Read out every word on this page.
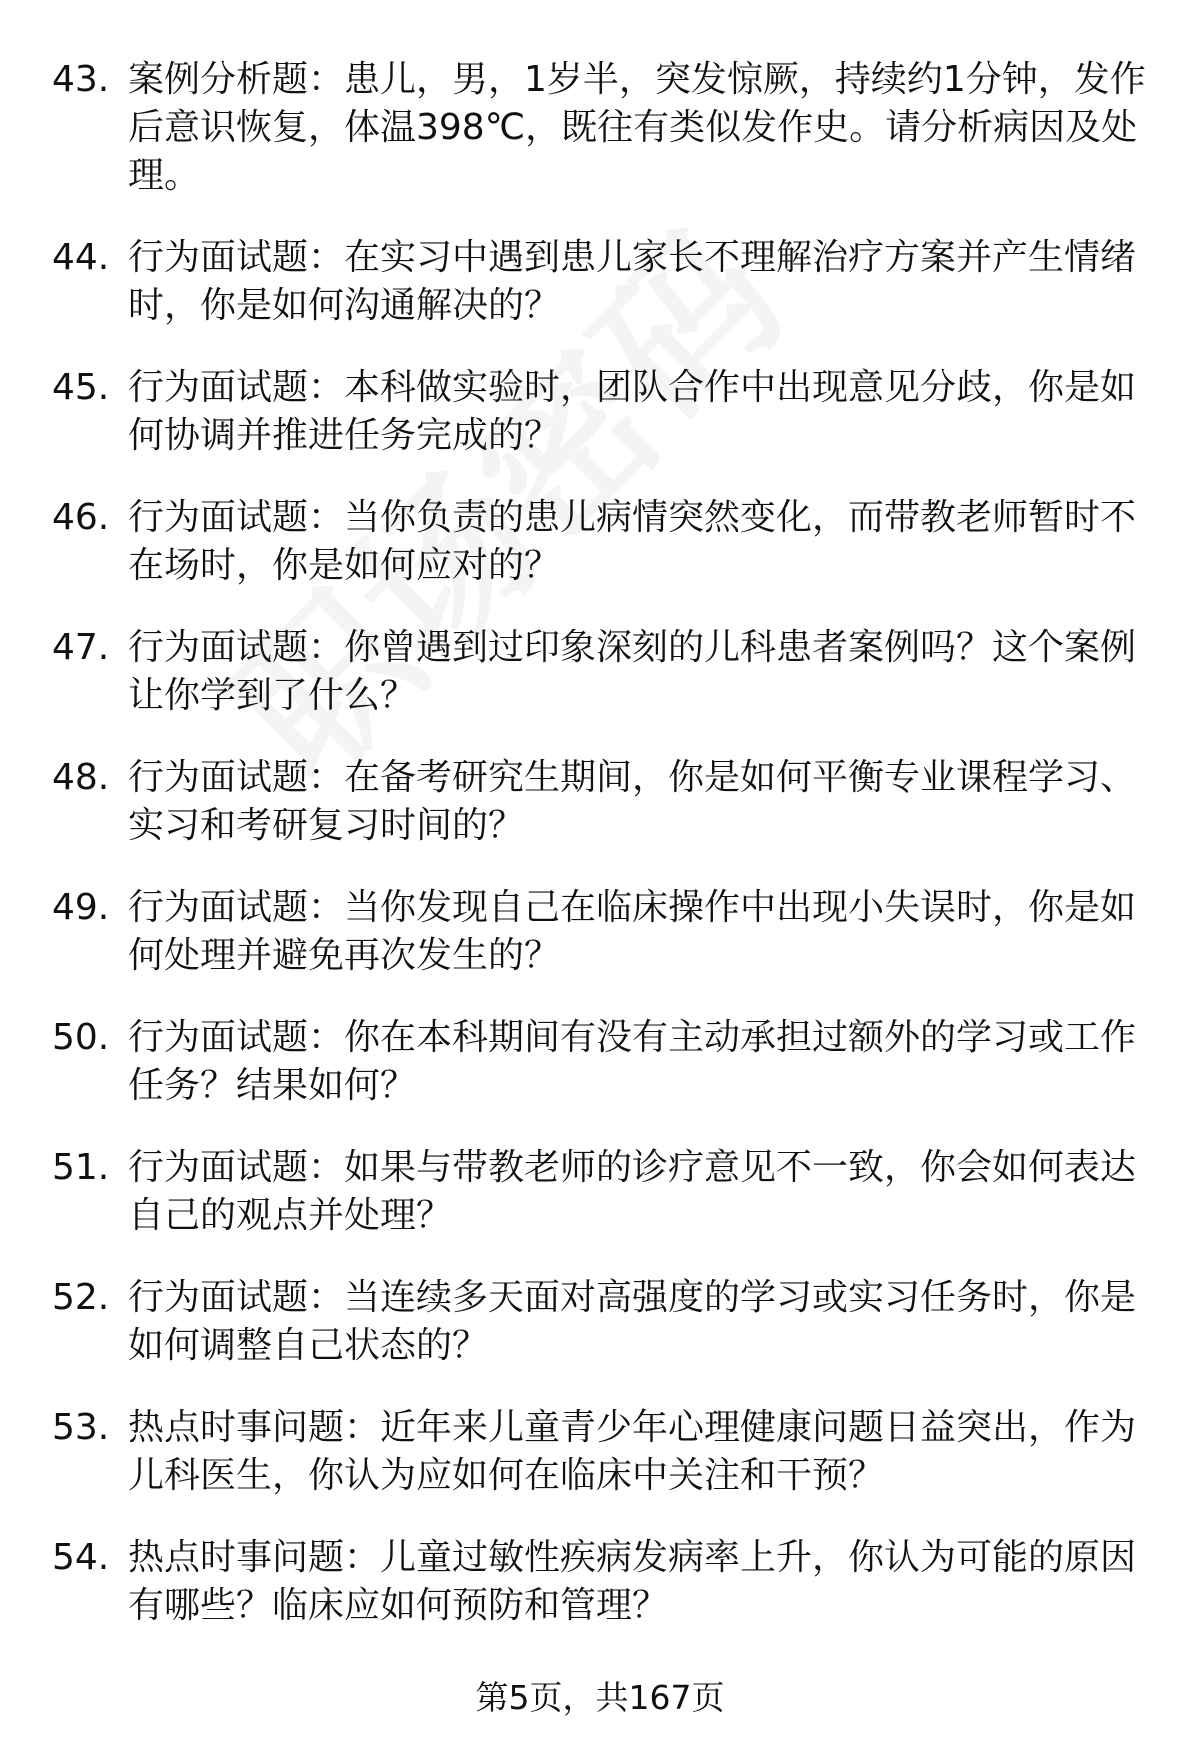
43. 案例分析题：患儿，男，1岁半，突发惊厥，持续约1分钟，发作后意识恢复，体温398℃，既往有类似发作史。请分析病因及处理。
44. 行为面试题：在实习中遇到患儿家长不理解治疗方案并产生情绪时，你是如何沟通解决的？
45. 行为面试题：本科做实验时，团队合作中出现意见分歧，你是如何协调并推进任务完成的？
46. 行为面试题：当你负责的患儿病情突然变化，而带教老师暂时不在场时，你是如何应对的？
47. 行为面试题：你曾遇到过印象深刻的儿科患者案例吗？这个案例让你学到了什么？
48. 行为面试题：在备考研究生期间，你是如何平衡专业课程学习、实习和考研复习时间的？
49. 行为面试题：当你发现自己在临床操作中出现小失误时，你是如何处理并避免再次发生的？
50. 行为面试题：你在本科期间有没有主动承担过额外的学习或工作任务？结果如何？
51. 行为面试题：如果与带教老师的诊疗意见不一致，你会如何表达自己的观点并处理？
52. 行为面试题：当连续多天面对高强度的学习或实习任务时，你是如何调整自己状态的？
53. 热点时事问题：近年来儿童青少年心理健康问题日益突出，作为儿科医生，你认为应如何在临床中关注和干预？
54. 热点时事问题：儿童过敏性疾病发病率上升，你认为可能的原因有哪些？临床应如何预防和管理？
第5页，共167页
